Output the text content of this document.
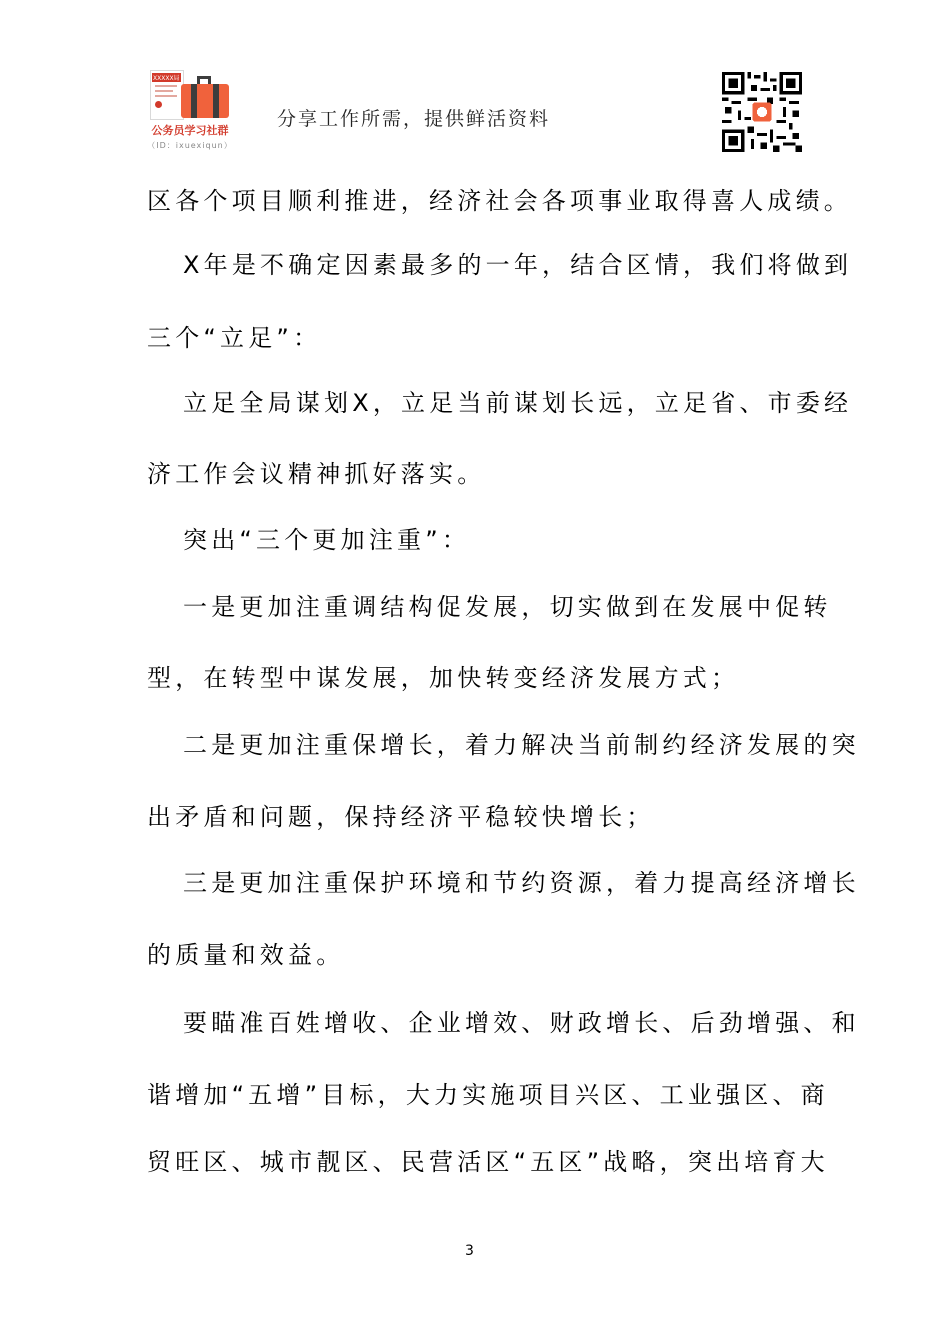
XXXXX局
公务员学习社群
（ID：ixuexiqun）
分享工作所需，提供鲜活资料
区各个项目顺利推进，经济社会各项事业取得喜人成绩。
X年是不确定因素最多的一年，结合区情，我们将做到
三个“立足”：
立足全局谋划X，立足当前谋划长远，立足省、市委经
济工作会议精神抓好落实。
突出“三个更加注重”：
一是更加注重调结构促发展，切实做到在发展中促转
型，在转型中谋发展，加快转变经济发展方式；
二是更加注重保增长，着力解决当前制约经济发展的突
出矛盾和问题，保持经济平稳较快增长；
三是更加注重保护环境和节约资源，着力提高经济增长
的质量和效益。
要瞄准百姓增收、企业增效、财政增长、后劲增强、和
谐增加“五增”目标，大力实施项目兴区、工业强区、商
贸旺区、城市靓区、民营活区“五区”战略，突出培育大
3
